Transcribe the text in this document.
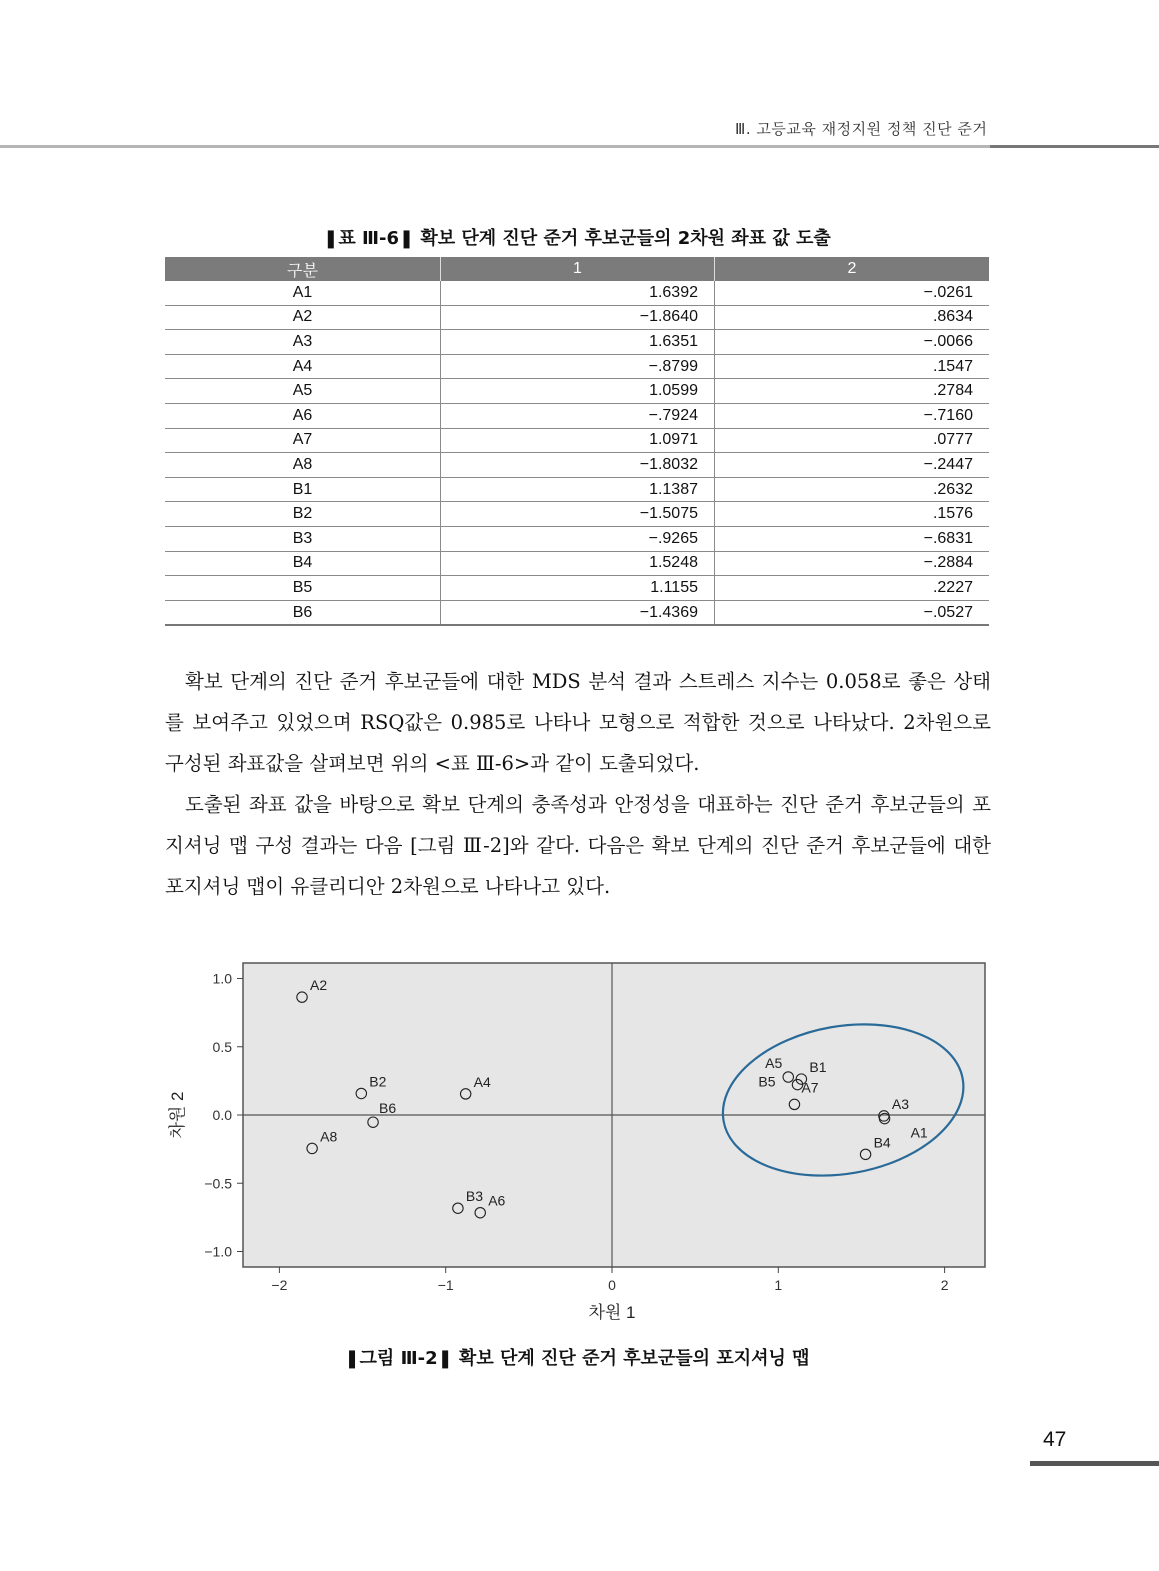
Ⅲ. 고등교육 재정지원 정책 진단 준거
❚표 Ⅲ-6❚ 확보 단계 진단 준거 후보군들의 2차원 좌표 값 도출
구분	1	2
A1	1.6392	−.0261
A2	−1.8640	.8634
A3	1.6351	−.0066
A4	−.8799	.1547
A5	1.0599	.2784
A6	−.7924	−.7160
A7	1.0971	.0777
A8	−1.8032	−.2447
B1	1.1387	.2632
B2	−1.5075	.1576
B3	−.9265	−.6831
B4	1.5248	−.2884
B5	1.1155	.2227
B6	−1.4369	−.0527

확보 단계의 진단 준거 후보군들에 대한 MDS 분석 결과 스트레스 지수는 0.058로 좋은 상태를 보여주고 있었으며 RSQ값은 0.985로 나타나 모형으로 적합한 것으로 나타났다. 2차원으로 구성된 좌표값을 살펴보면 위의 <표 Ⅲ-6>과 같이 도출되었다.

도출된 좌표 값을 바탕으로 확보 단계의 충족성과 안정성을 대표하는 진단 준거 후보군들의 포지셔닝 맵 구성 결과는 다음 [그림 Ⅲ-2]와 같다. 다음은 확보 단계의 진단 준거 후보군들에 대한 포지셔닝 맵이 유클리디안 2차원으로 나타나고 있다.

−2	−1	0	1	2
1.0
0.5
0.0
−0.5
−1.0
A1
A2
A3
A4
A5
A6
A7
A8
B1
B2
B3
B4
B5
B6
차원 1
차원 2
❚그림 Ⅲ-2❚ 확보 단계 진단 준거 후보군들의 포지셔닝 맵
47
